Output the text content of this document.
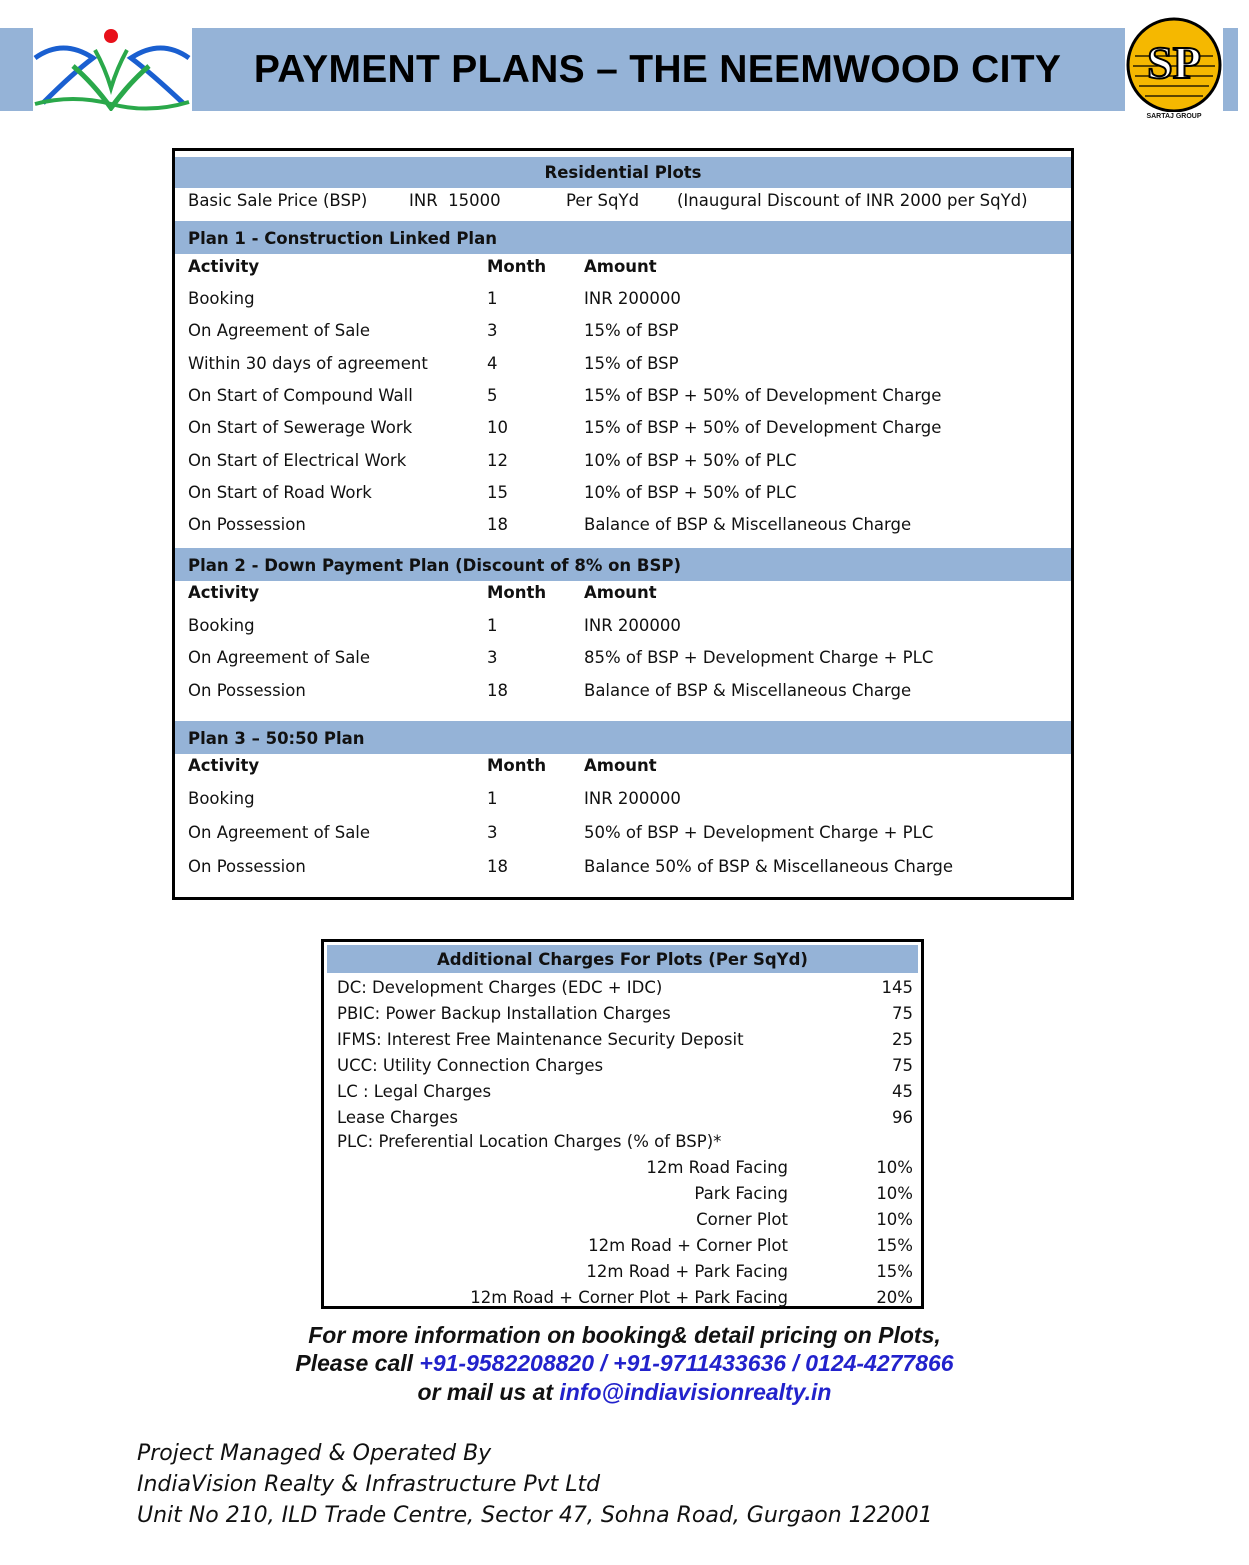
PAYMENT PLANS – THE NEEMWOOD CITY	SP
SARTAJ GROUP
Residential Plots
Basic Sale Price (BSP)	INR  15000	Per SqYd (Inaugural Discount of INR 2000 per SqYd)
Plan 1 - Construction Linked Plan
Activity	Month Amount
Booking	1	INR 200000
On Agreement of Sale	3	15% of BSP
Within 30 days of agreement	4	15% of BSP
On Start of Compound Wall	5	15% of BSP + 50% of Development Charge
On Start of Sewerage Work	10	15% of BSP + 50% of Development Charge
On Start of Electrical Work	12	10% of BSP + 50% of PLC
On Start of Road Work	15	10% of BSP + 50% of PLC
On Possession	18	Balance of BSP & Miscellaneous Charge
Plan 2 - Down Payment Plan (Discount of 8% on BSP)
Activity	Month Amount
Booking	1	INR 200000
On Agreement of Sale	3	85% of BSP + Development Charge + PLC
On Possession	18	Balance of BSP & Miscellaneous Charge
Plan 3 – 50:50 Plan
Activity	Month Amount
Booking	1	INR 200000
On Agreement of Sale	3	50% of BSP + Development Charge + PLC
On Possession	18	Balance 50% of BSP & Miscellaneous Charge
Additional Charges For Plots (Per SqYd)
DC: Development Charges (EDC + IDC)	145
PBIC: Power Backup Installation Charges	75
IFMS: Interest Free Maintenance Security Deposit	25
UCC: Utility Connection Charges	75
LC : Legal Charges	45
Lease Charges	96
PLC: Preferential Location Charges (% of BSP)*
12m Road Facing	10%
Park Facing	10%
Corner Plot	10%
12m Road + Corner Plot	15%
12m Road + Park Facing	15%
12m Road + Corner Plot + Park Facing	20%
For more information on booking& detail pricing on Plots,
Please call +91-9582208820 / +91-9711433636 / 0124-4277866
or mail us at info@indiavisionrealty.in
Project Managed & Operated By
IndiaVision Realty & Infrastructure Pvt Ltd
Unit No 210, ILD Trade Centre, Sector 47, Sohna Road, Gurgaon 122001
